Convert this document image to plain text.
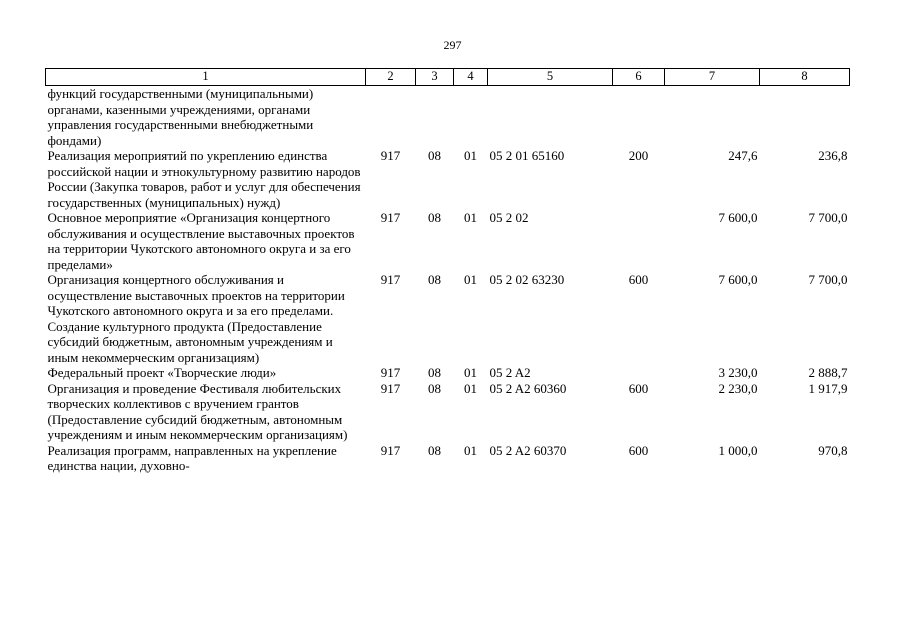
297
1	2	3	4	5	6	7	8
функций государственными (муниципальными) органами, казенными учреждениями, органами управления государственными внебюджетными фондами)							
Реализация мероприятий по укреплению единства российской нации и этнокультурному развитию народов России (Закупка товаров, работ и услуг для обеспечения государственных (муниципальных) нужд)	917	08	01	05 2 01 65160	200	247,6	236,8
Основное мероприятие «Организация концертного обслуживания и осуществление выставочных проектов на территории Чукотского автономного округа и за его пределами»	917	08	01	05 2 02		7 600,0	7 700,0
Организация концертного обслуживания и осуществление выставочных проектов на территории Чукотского автономного округа и за его пределами. Создание культурного продукта (Предоставление субсидий бюджетным, автономным учреждениям и иным некоммерческим организациям)	917	08	01	05 2 02 63230	600	7 600,0	7 700,0
Федеральный проект «Творческие люди»	917	08	01	05 2 A2		3 230,0	2 888,7
Организация и проведение Фестиваля любительских творческих коллективов с вручением грантов (Предоставление субсидий бюджетным, автономным учреждениям и иным некоммерческим организациям)	917	08	01	05 2 A2 60360	600	2 230,0	1 917,9
Реализация программ, направленных на укрепление единства нации, духовно-	917	08	01	05 2 A2 60370	600	1 000,0	970,8
